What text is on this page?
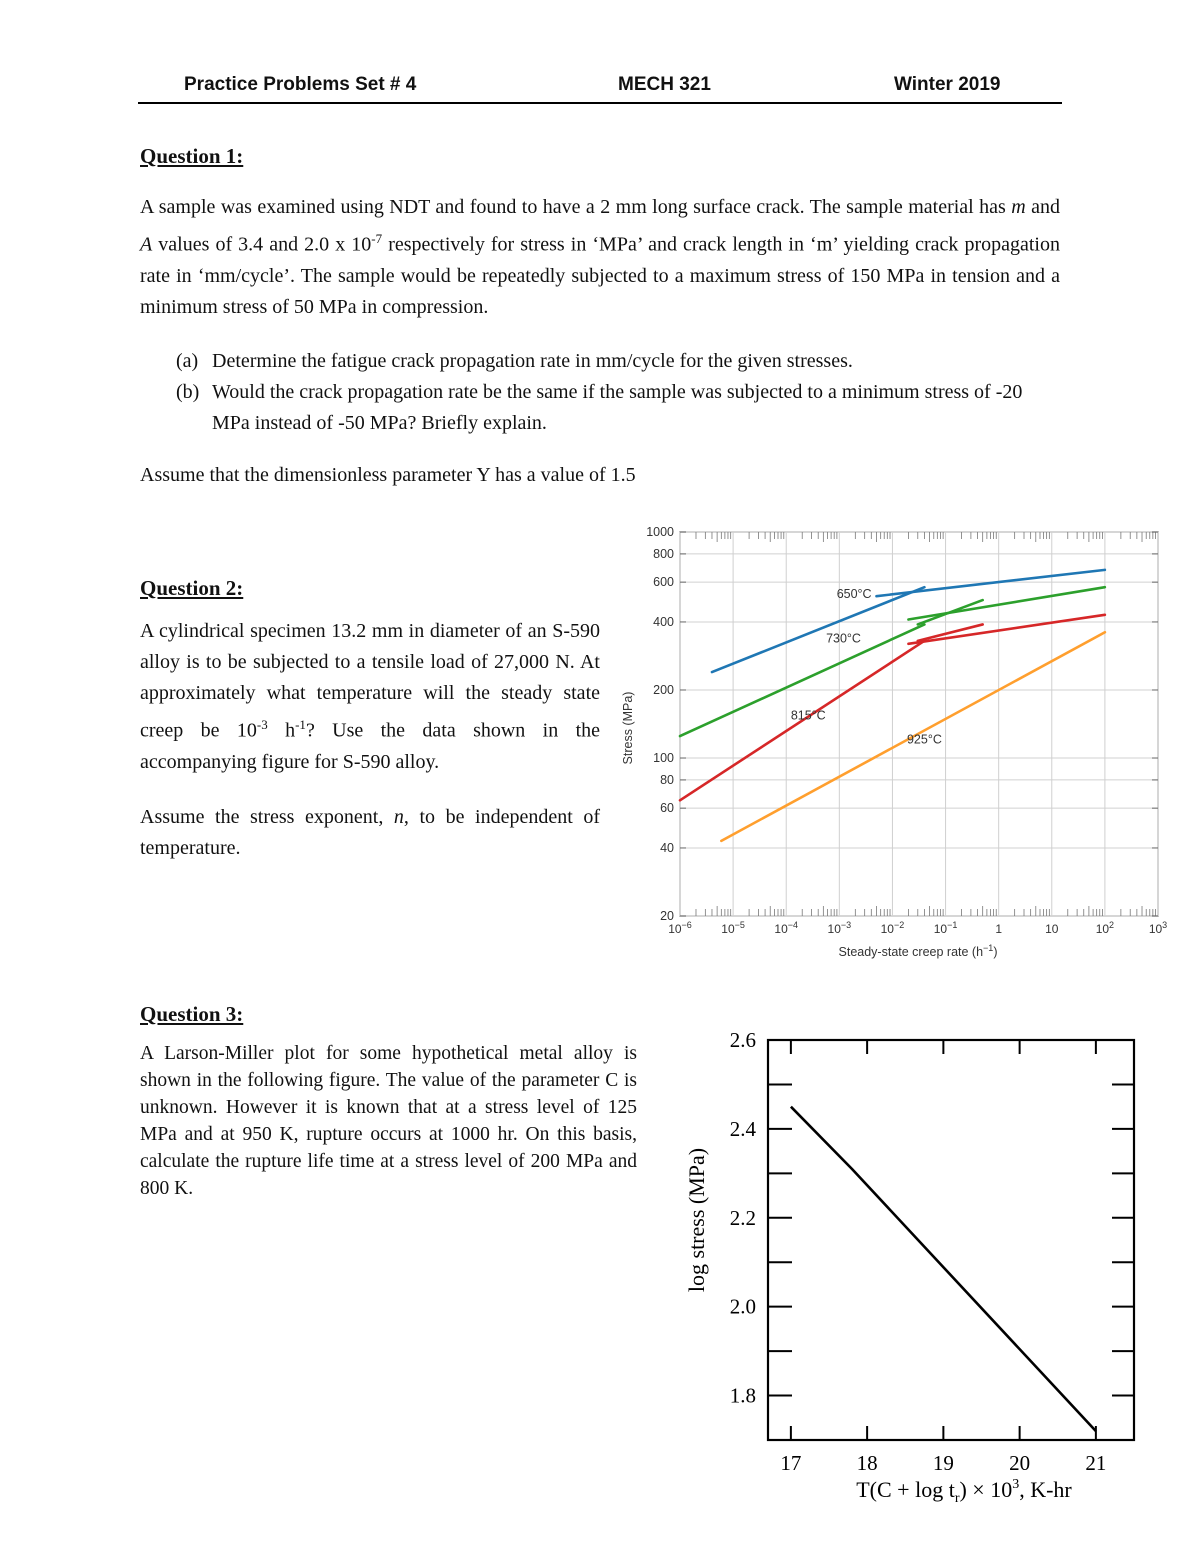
Practice Problems Set # 4	MECH 321	Winter 2019
Question 1:

A sample was examined using NDT and found to have a 2 mm long surface crack. The sample material has m and A values of 3.4 and 2.0 x $10^{-7}$ respectively for stress in ‘MPa’ and crack length in ‘m’ yielding crack propagation rate in ‘mm/cycle’. The sample would be repeatedly subjected to a maximum stress of 150 MPa in tension and a minimum stress of 50 MPa in compression.

(a) Determine the fatigue crack propagation rate in mm/cycle for the given stresses.
(b) Would the crack propagation rate be the same if the sample was subjected to a minimum stress of -20 MPa instead of -50 MPa? Briefly explain.

Assume that the dimensionless parameter Y has a value of 1.5

Question 2:

A cylindrical specimen 13.2 mm in diameter of an S-590 alloy is to be subjected to a tensile load of 27,000 N. At approximately what temperature will the steady state creep be $10^{-3}$ $h^{-1}$? Use the data shown in the accompanying figure for S-590 alloy.

Assume the stress exponent, n, to be independent of temperature.

650°C
730°C
815°C
925°C
$10^{-6}$ $10^{-5}$ $10^{-4}$ $10^{-3}$ $10^{-2}$ $10^{-1}$	1	10	$10^2$	$10^3$
20
40
60
80
100
200
400
600
800
1000
Steady-state creep rate $(h^{-1})$
Stress (MPa)
Question 3:

A Larson-Miller plot for some hypothetical metal alloy is shown in the following figure. The value of the parameter C is unknown. However it is known that at a stress level of 125 MPa and at 950 K, rupture occurs at 1000 hr. On this basis, calculate the rupture life time at a stress level of 200 MPa and 800 K.

17	18	19	20	21
1.8
2.0
2.2
2.4
2.6
$T(C + \log t_r) \times 10^3$, K-hr
log stress (MPa)
